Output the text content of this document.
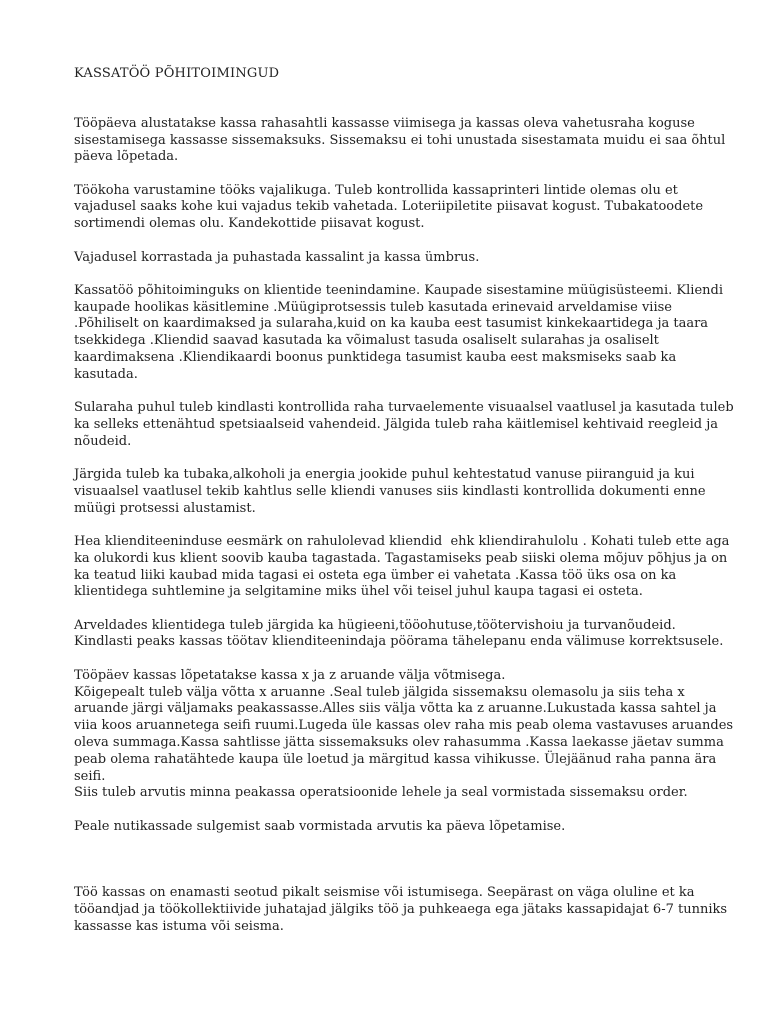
KASSATÖÖ PÕHITOIMINGUD
Tööpäeva alustatakse kassa rahasahtli kassasse viimisega ja kassas oleva vahetusraha koguse
sisestamisega kassasse sissemaksuks. Sissemaksu ei tohi unustada sisestamata muidu ei saa õhtul
päeva lõpetada.
Töökoha varustamine tööks vajalikuga. Tuleb kontrollida kassaprinteri lintide olemas olu et
vajadusel saaks kohe kui vajadus tekib vahetada. Loteriipiletite piisavat kogust. Tubakatoodete
sortimendi olemas olu. Kandekottide piisavat kogust.
Vajadusel korrastada ja puhastada kassalint ja kassa ümbrus.
Kassatöö põhitoiminguks on klientide teenindamine. Kaupade sisestamine müügisüsteemi. Kliendi
kaupade hoolikas käsitlemine .Müügiprotsessis tuleb kasutada erinevaid arveldamise viise
.Põhiliselt on kaardimaksed ja sularaha,kuid on ka kauba eest tasumist kinkekaartidega ja taara
tsekkidega .Kliendid saavad kasutada ka võimalust tasuda osaliselt sularahas ja osaliselt
kaardimaksena .Kliendikaardi boonus punktidega tasumist kauba eest maksmiseks saab ka
kasutada.
Sularaha puhul tuleb kindlasti kontrollida raha turvaelemente visuaalsel vaatlusel ja kasutada tuleb
ka selleks ettenähtud spetsiaalseid vahendeid. Jälgida tuleb raha käitlemisel kehtivaid reegleid ja
nõudeid.
Järgida tuleb ka tubaka,alkoholi ja energia jookide puhul kehtestatud vanuse piiranguid ja kui
visuaalsel vaatlusel tekib kahtlus selle kliendi vanuses siis kindlasti kontrollida dokumenti enne
müügi protsessi alustamist.
Hea klienditeeninduse eesmärk on rahulolevad kliendid  ehk kliendirahulolu . Kohati tuleb ette aga
ka olukordi kus klient soovib kauba tagastada. Tagastamiseks peab siiski olema mõjuv põhjus ja on
ka teatud liiki kaubad mida tagasi ei osteta ega ümber ei vahetata .Kassa töö üks osa on ka
klientidega suhtlemine ja selgitamine miks ühel või teisel juhul kaupa tagasi ei osteta.
Arveldades klientidega tuleb järgida ka hügieeni,tööohutuse,töötervishoiu ja turvanõudeid.
Kindlasti peaks kassas töötav klienditeenindaja pöörama tähelepanu enda välimuse korrektsusele.
Tööpäev kassas lõpetatakse kassa x ja z aruande välja võtmisega.
Kõigepealt tuleb välja võtta x aruanne .Seal tuleb jälgida sissemaksu olemasolu ja siis teha x
aruande järgi väljamaks peakassasse.Alles siis välja võtta ka z aruanne.Lukustada kassa sahtel ja
viia koos aruannetega seifi ruumi.Lugeda üle kassas olev raha mis peab olema vastavuses aruandes
oleva summaga.Kassa sahtlisse jätta sissemaksuks olev rahasumma .Kassa laekasse jäetav summa
peab olema rahatähtede kaupa üle loetud ja märgitud kassa vihikusse. Ülejäänud raha panna ära
seifi.
Siis tuleb arvutis minna peakassa operatsioonide lehele ja seal vormistada sissemaksu order.
Peale nutikassade sulgemist saab vormistada arvutis ka päeva lõpetamise.
Töö kassas on enamasti seotud pikalt seismise või istumisega. Seepärast on väga oluline et ka
tööandjad ja töökollektiivide juhatajad jälgiks töö ja puhkeaega ega jätaks kassapidajat 6-7 tunniks
kassasse kas istuma või seisma.
